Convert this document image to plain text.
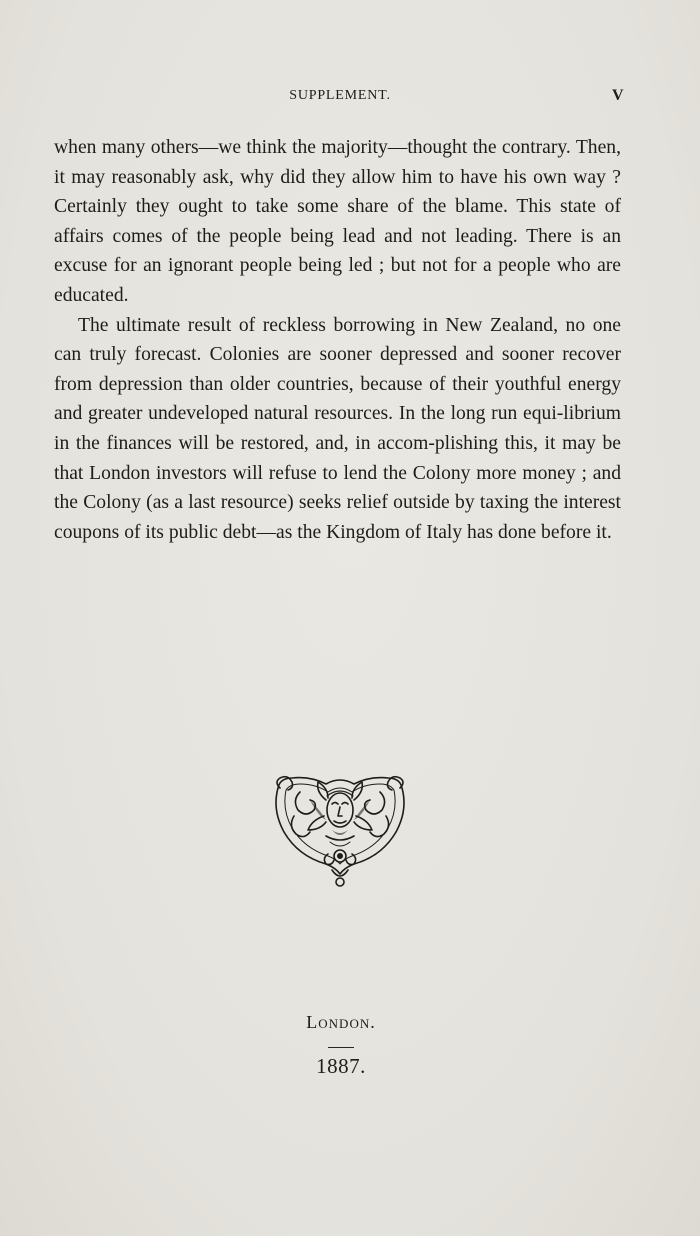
SUPPLEMENT.	V

when many others—we think the majority—thought the contrary. Then, it may reasonably ask, why did they allow him to have his own way ? Certainly they ought to take some share of the blame. This state of affairs comes of the people being lead and not leading. There is an excuse for an ignorant people being led ; but not for a people who are educated.

The ultimate result of reckless borrowing in New Zealand, no one can truly forecast. Colonies are sooner depressed and sooner recover from depression than older countries, because of their youthful energy and greater undeveloped natural resources. In the long run equi-librium in the finances will be restored, and, in accom-plishing this, it may be that London investors will refuse to lend the Colony more money ; and the Colony (as a last resource) seeks relief outside by taxing the interest coupons of its public debt—as the Kingdom of Italy has done before it.

London.
1887.
